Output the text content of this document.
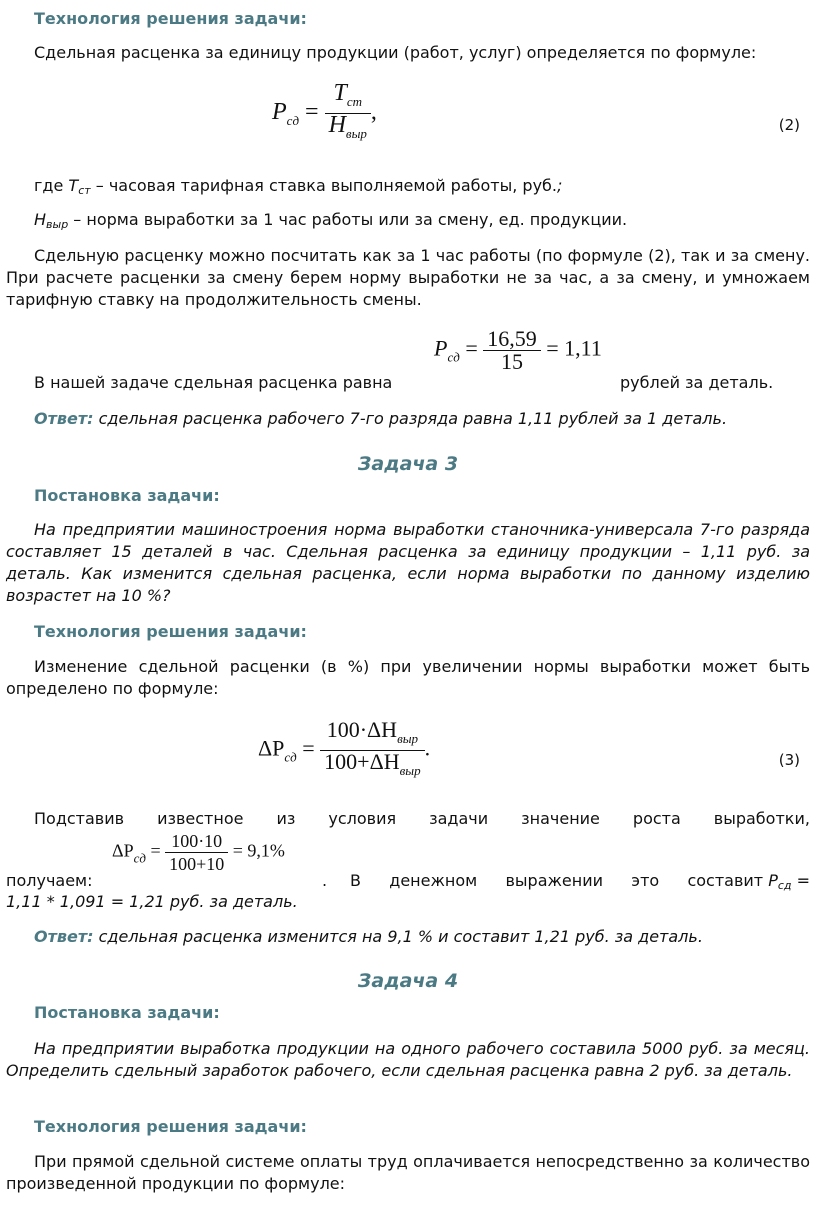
Технология решения задачи:
Сдельная расценка за единицу продукции (работ, услуг) определяется по формуле:
$P_{сд} = \frac{T_{ст}}{H_{выр}}$ ,	(2)
где $T_{ст}$ – часовая тарифная ставка выполняемой работы, руб.;
$Н_{выр}$ – норма выработки за 1 час работы или за смену, ед. продукции.
Сдельную расценку можно посчитать как за 1 час работы (по формуле (2), так и за смену. При расчете расценки за смену берем норму выработки не за час, а за смену, и умножаем тарифную ставку на продолжительность смены.
В нашей задаче сдельная расценка равна
$P_{сд} = \frac{16,59}{15} = 1,11$
рублей за деталь.
Ответ: сдельная расценка рабочего 7-го разряда равна 1,11 рублей за 1 деталь.
Задача 3
Постановка задачи:
На предприятии машиностроения норма выработки станочника-универсала 7-го разряда составляет 15 деталей в час. Сдельная расценка за единицу продукции – 1,11 руб. за деталь. Как изменится сдельная расценка, если норма выработки по данному изделию возрастет на 10 %?
Технология решения задачи:
Изменение сдельной расценки (в %) при увеличении нормы выработки может быть определено по формуле:
$\Delta P_{сд} = \frac{100\cdot\Delta H_{выр}}{100+\Delta H_{выр}}$ .	(3)
Подставив известное из условия задачи значение роста выработки,
получаем:
$\Delta P_{сд} = \frac{100\cdot 10}{100+10} = 9,1\%$
. В денежном выражении это составит $Р_{сд}$ =
1,11 * 1,091 = 1,21 руб. за деталь.
Ответ: сдельная расценка изменится на 9,1 % и составит 1,21 руб. за деталь.
Задача 4
Постановка задачи:
На предприятии выработка продукции на одного рабочего составила 5000 руб. за месяц. Определить сдельный заработок рабочего, если сдельная расценка равна 2 руб. за деталь.
Технология решения задачи:
При прямой сдельной системе оплаты труд оплачивается непосредственно за количество произведенной продукции по формуле:
